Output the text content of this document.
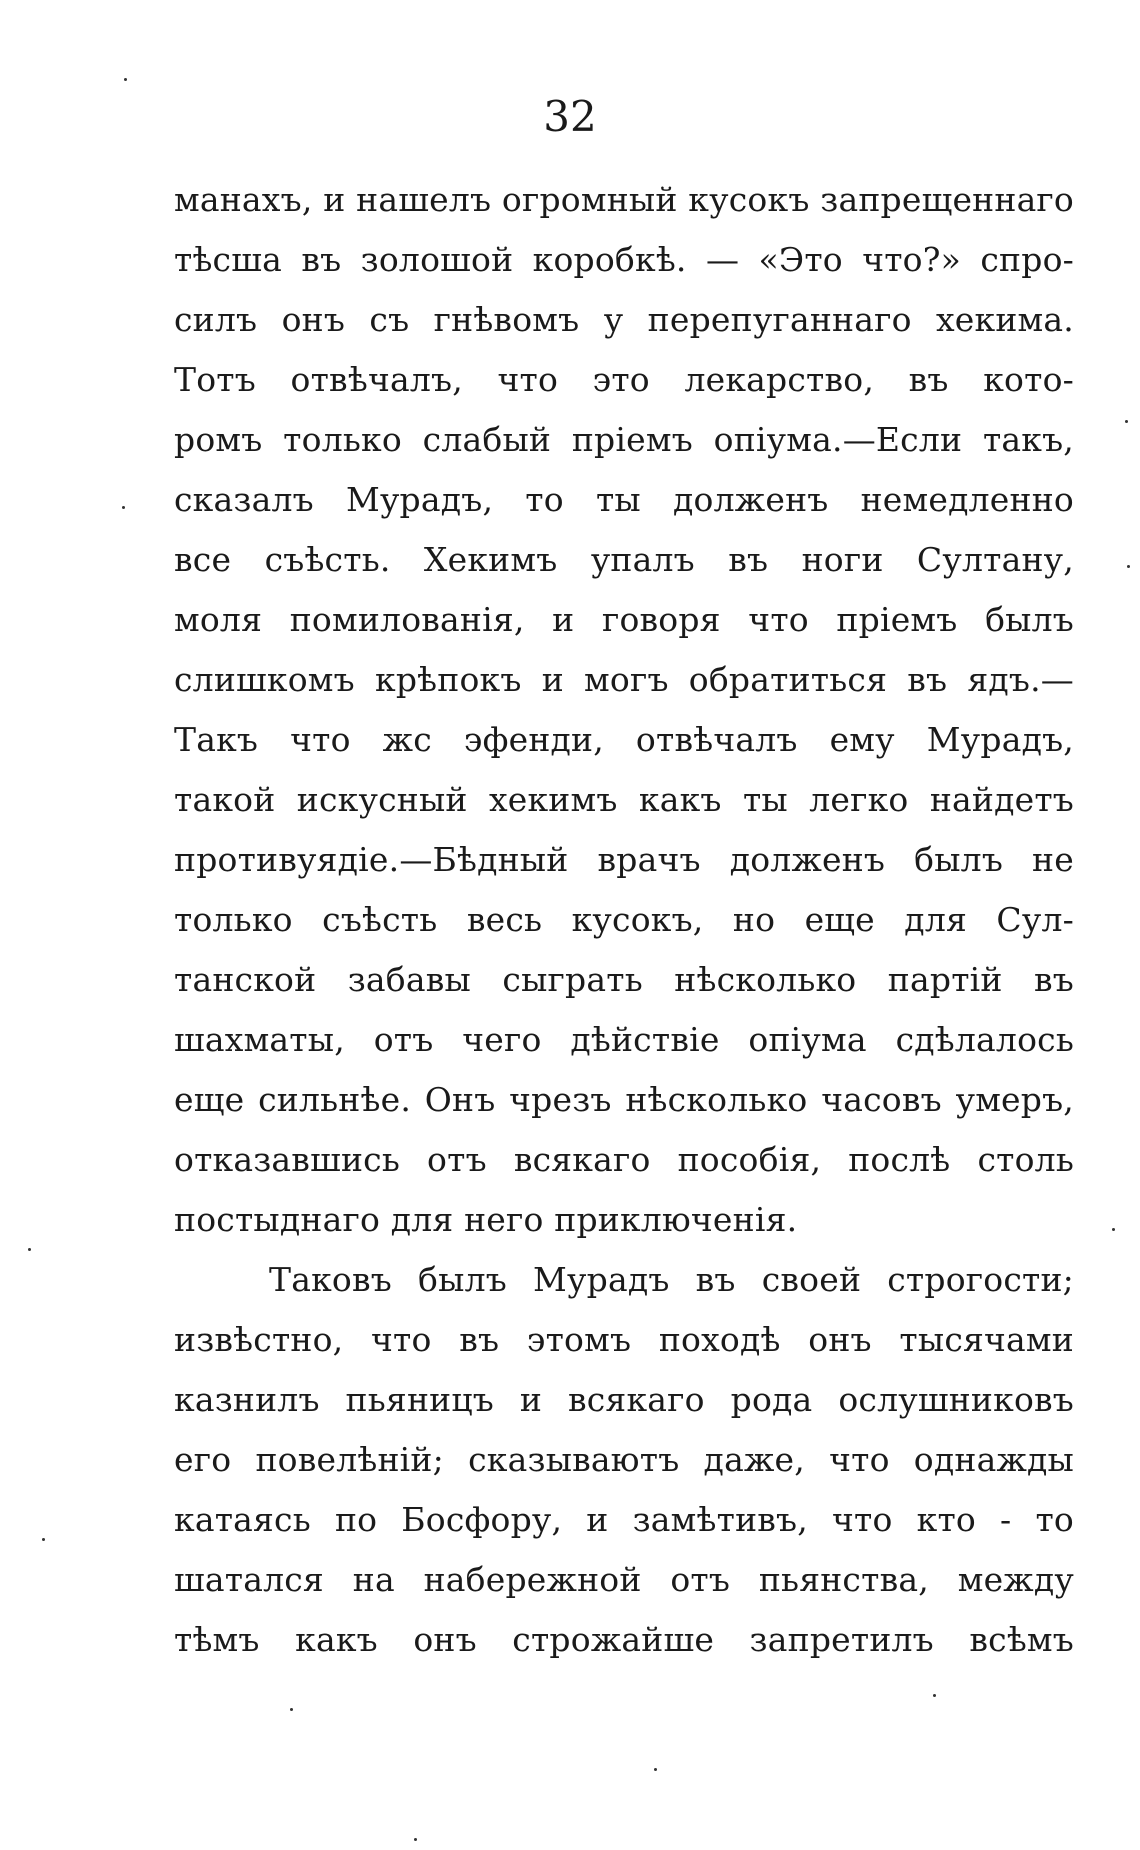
32
манахъ, и нашелъ огромный кусокъ запрещеннаго
тѣсша въ золошой коробкѣ. — «Это что?» спро-
силъ онъ съ гнѣвомъ у перепуганнаго хекима.
Тотъ отвѣчалъ, что это лекарство, въ кото-
ромъ только слабый пріемъ опіума.—Если такъ,
сказалъ Мурадъ, то ты долженъ немедленно
все съѣсть. Хекимъ упалъ въ ноги Султану,
моля помилованія, и говоря что пріемъ былъ
слишкомъ крѣпокъ и могъ обратиться въ ядъ.—
Такъ что жс эфенди, отвѣчалъ ему Мурадъ,
такой искусный хекимъ какъ ты легко найдетъ
противуядіе.—Бѣдный врачъ долженъ былъ не
только съѣсть весь кусокъ, но еще для Сул-
танской забавы сыграть нѣсколько партій въ
шахматы, отъ чего дѣйствіе опіума сдѣлалось
еще сильнѣе. Онъ чрезъ нѣсколько часовъ умеръ,
отказавшись отъ всякаго пособія, послѣ столь
постыднаго для него приключенія.
Таковъ былъ Мурадъ въ своей строгости;
извѣстно, что въ этомъ походѣ онъ тысячами
казнилъ пьяницъ и всякаго рода ослушниковъ
его повелѣній; сказываютъ даже, что однажды
катаясь по Босфору, и замѣтивъ, что кто - то
шатался на набережной отъ пьянства, между
тѣмъ какъ онъ строжайше запретилъ всѣмъ
